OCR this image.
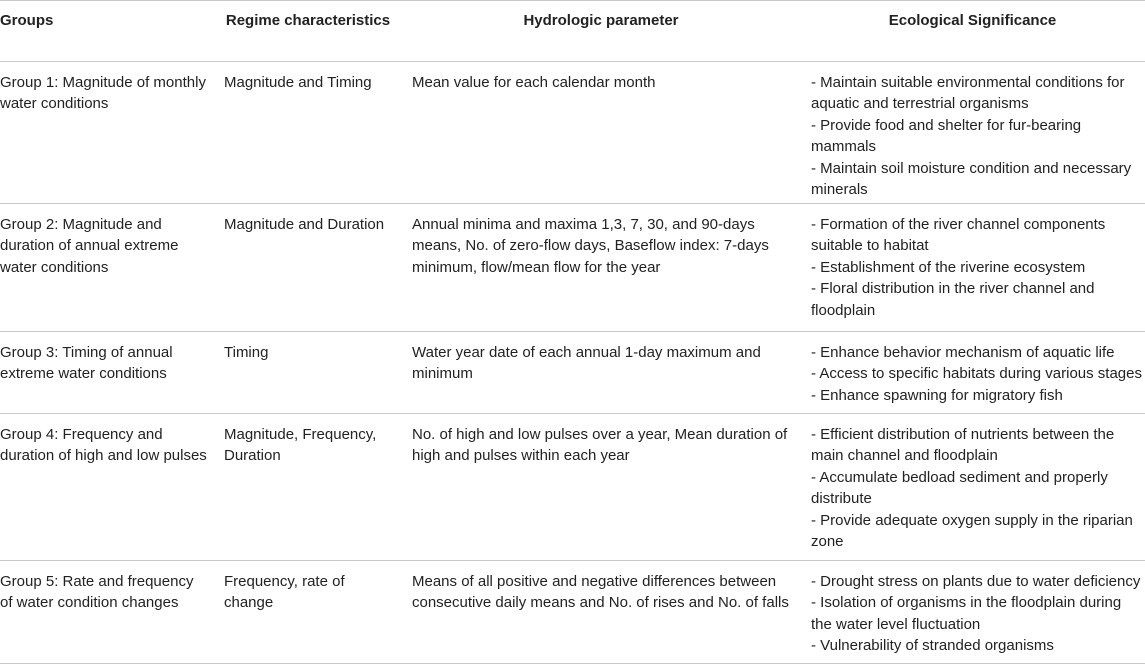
Groups	Regime characteristics	Hydrologic parameter	Ecological Significance
Group 1: Magnitude of monthly water conditions	Magnitude and Timing	Mean value for each calendar month	- Maintain suitable environmental conditions for aquatic and terrestrial organisms
- Provide food and shelter for fur-bearing mammals
- Maintain soil moisture condition and necessary minerals

Group 2: Magnitude and duration of annual extreme water conditions	Magnitude and Duration	Annual minima and maxima 1,3, 7, 30, and 90-days means, No. of zero-flow days, Baseflow index: 7-days minimum, flow/mean flow for the year	- Formation of the river channel components suitable to habitat
- Establishment of the riverine ecosystem
- Floral distribution in the river channel and floodplain

Group 3: Timing of annual extreme water conditions	Timing	Water year date of each annual 1-day maximum and minimum	- Enhance behavior mechanism of aquatic life
- Access to specific habitats during various stages
- Enhance spawning for migratory fish

Group 4: Frequency and duration of high and low pulses	Magnitude, Frequency, Duration	No. of high and low pulses over a year, Mean duration of high and pulses within each year	- Efficient distribution of nutrients between the main channel and floodplain
- Accumulate bedload sediment and properly distribute
- Provide adequate oxygen supply in the riparian zone

Group 5: Rate and frequency of water condition changes	Frequency, rate of change	Means of all positive and negative differences between consecutive daily means and No. of rises and No. of falls	- Drought stress on plants due to water deficiency
- Isolation of organisms in the floodplain during the water level fluctuation
- Vulnerability of stranded organisms
